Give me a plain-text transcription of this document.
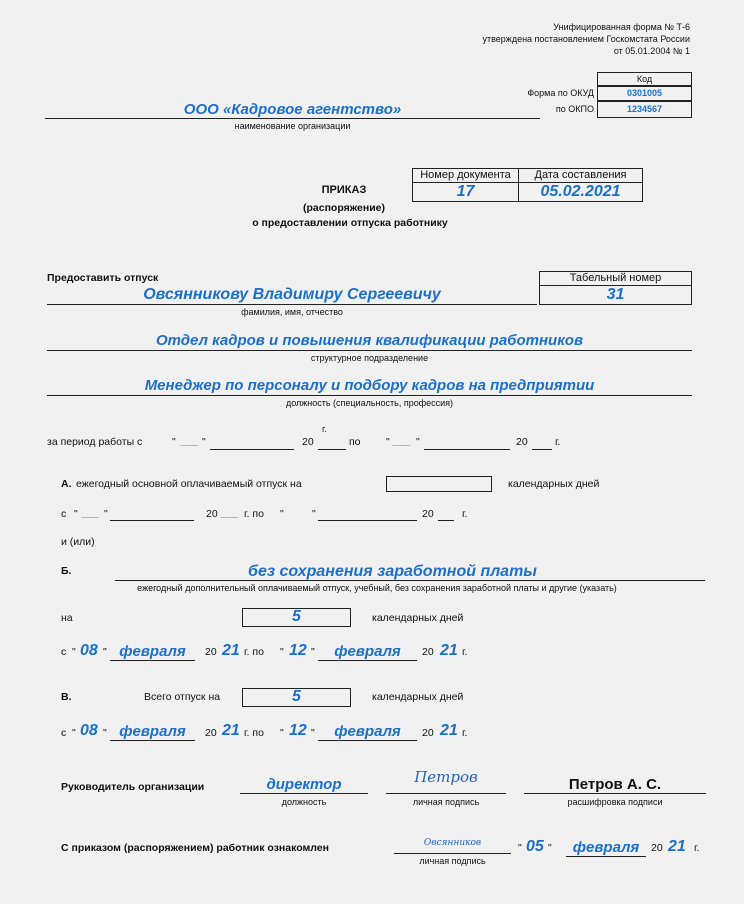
Унифицированная форма № Т-6
утверждена постановлением Госкомстата России
от 05.01.2004 № 1
Код
0301005
1234567
Форма по ОКУД
по ОКПО
ООО «Кадровое агентство»
наименование организации
ПРИКАЗ
(распоряжение)
о предоставлении отпуска работнику
Номер документа	Дата составления
17	05.02.2021
Предоставить отпуск	Табельный номер
31
Овсянникову Владимиру Сергеевичу
фамилия, имя, отчество
Отдел кадров и повышения квалификации работников
структурное подразделение
Менеджер по персоналу и подбору кадров на предприятии
должность (специальность, профессия)
за период работы с
г.
" ___ "	20	по " ___ "	20	г.
А. ежегодный основной оплачиваемый отпуск на	календарных дней
с " ___ "	20 ___ г. по "	"	20	г.
и (или)
Б.	без сохранения заработной платы
ежегодный дополнительный оплачиваемый отпуск, учебный, без сохранения заработной платы и другие (указать)
на	5	календарных дней
с " 08 " февраля	20 21 г. по " 12 "	февраля	20 21 г.
В.	Всего отпуск на	5	календарных дней
с " 08 " февраля	20 21 г. по " 12 "	февраля	20 21 г.
Руководитель организации	директор
должность
Петров
личная подпись
Петров А. С.
расшифровка подписи
С приказом (распоряжением) работник ознакомлен	Овсянников
личная подпись
" 05 "	февраля	20 21 г.
